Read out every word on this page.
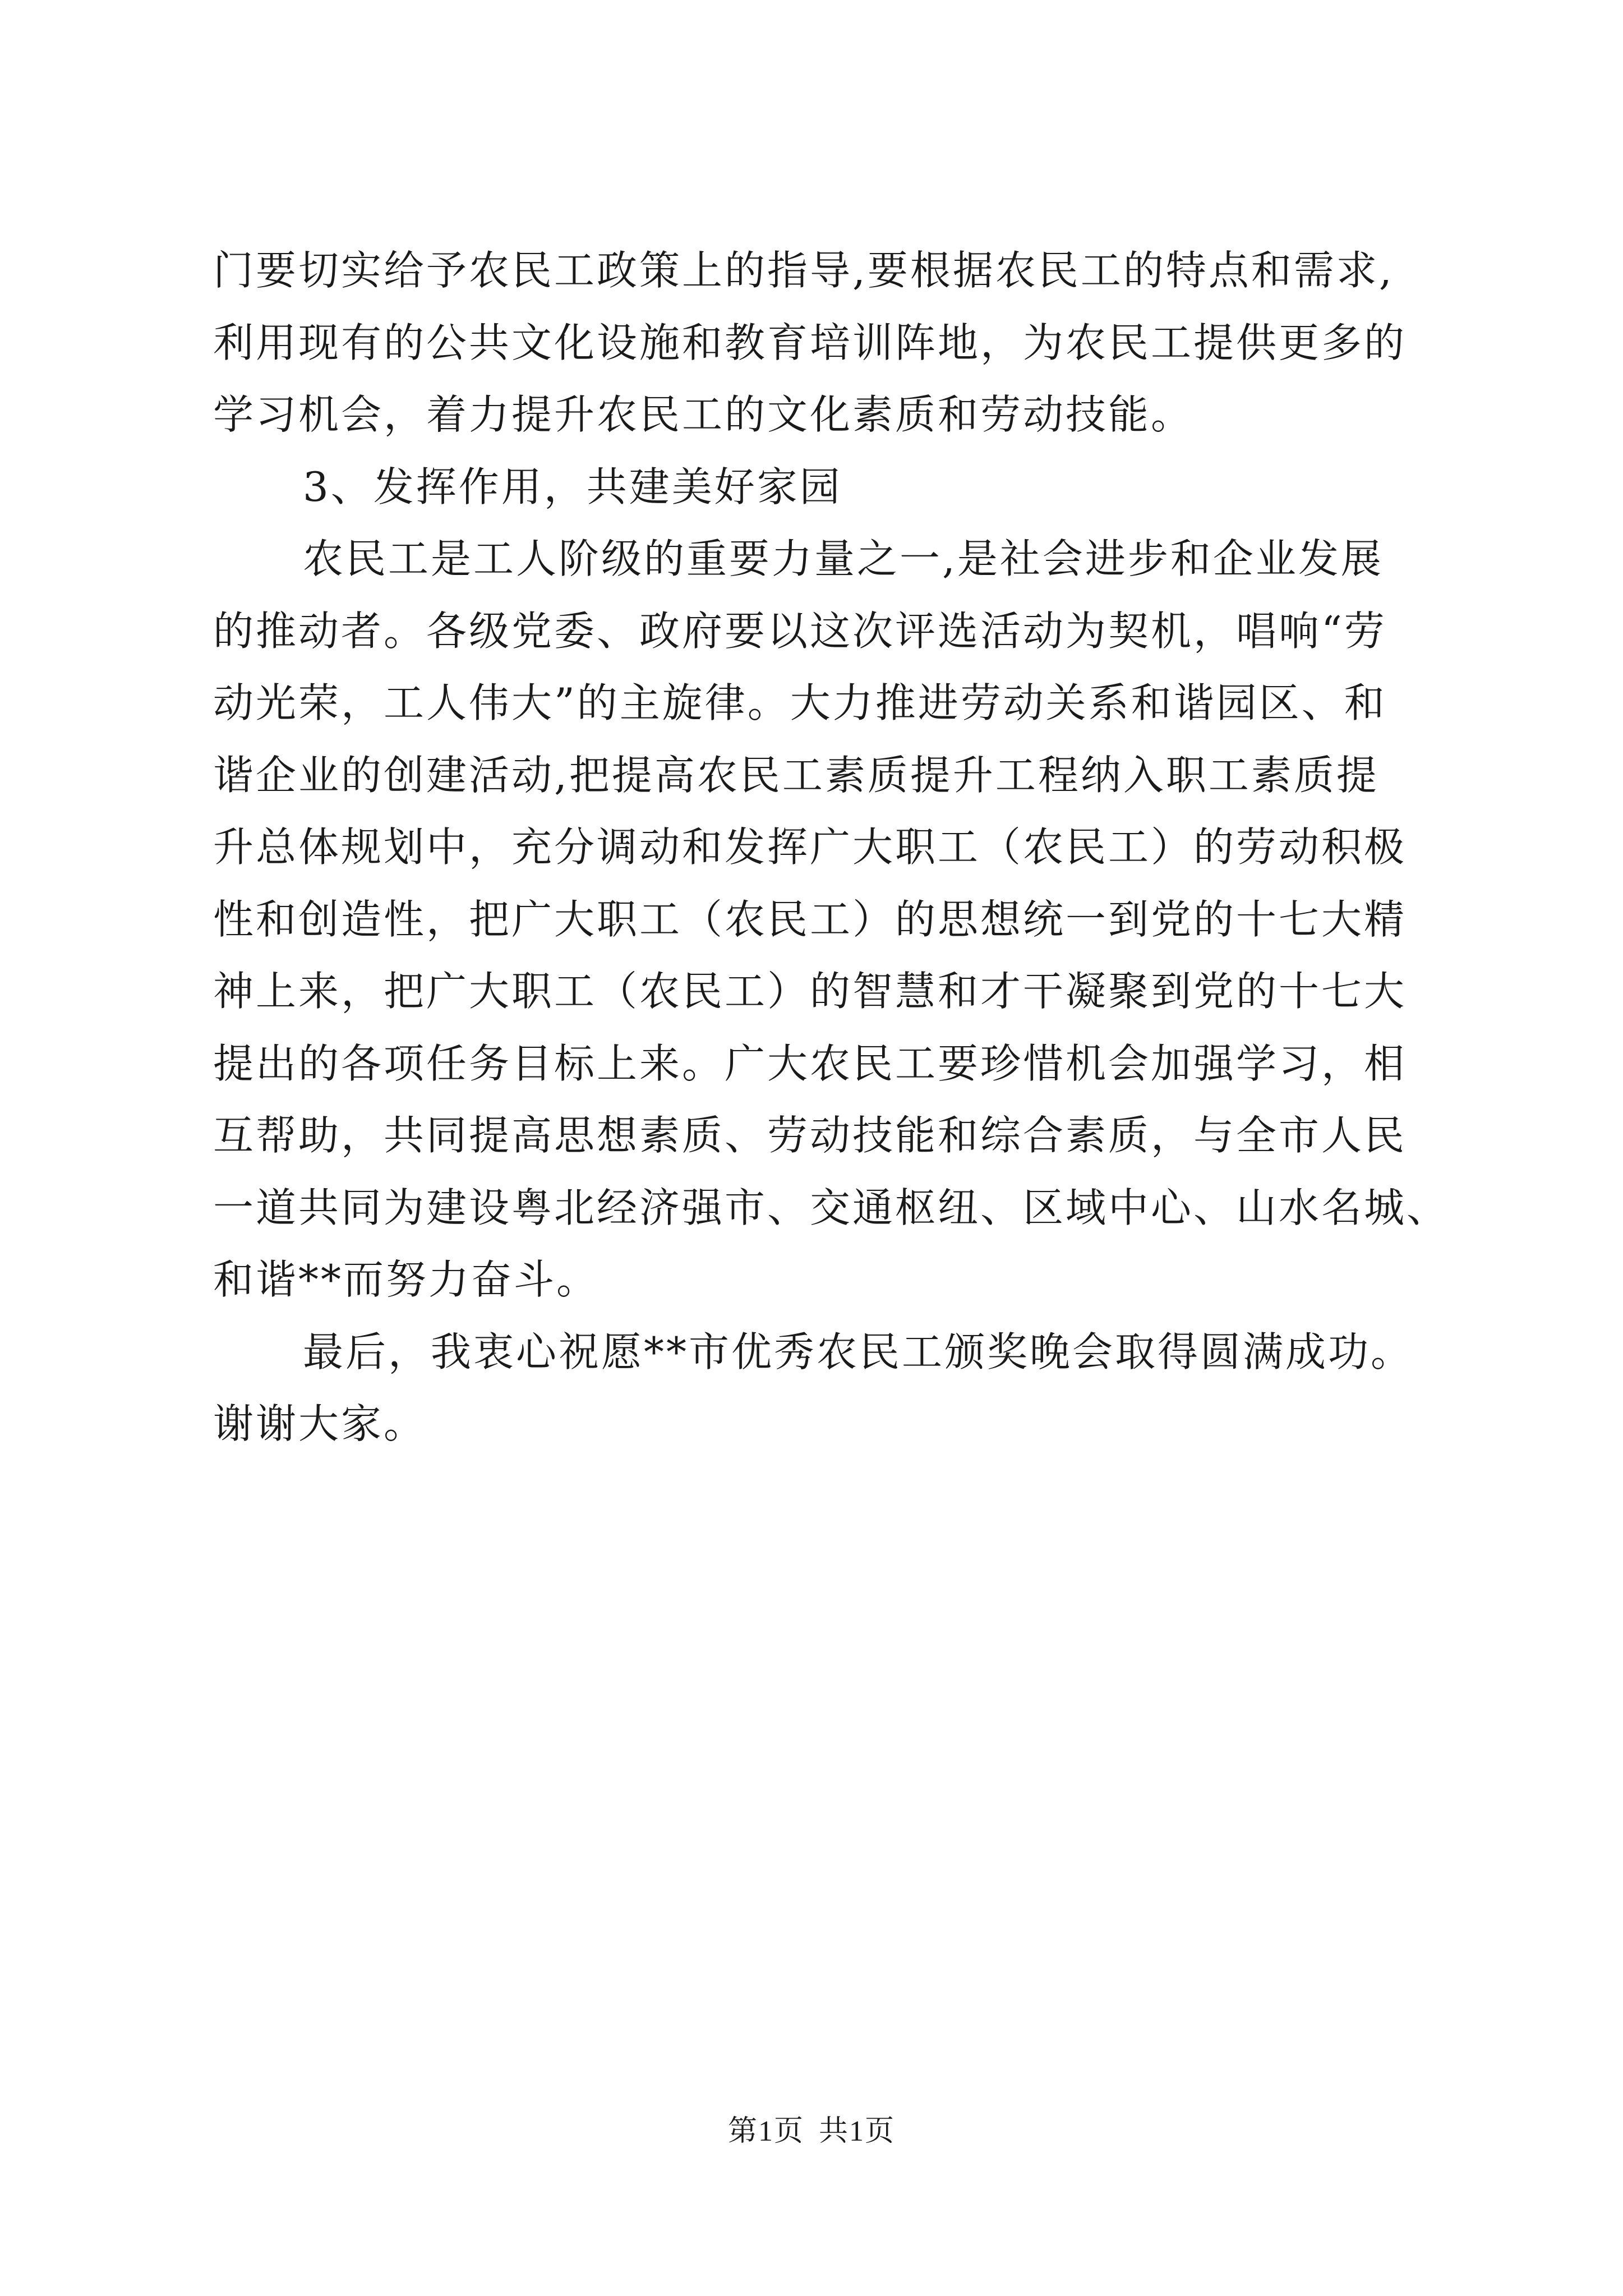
门要切实给予农民工政策上的指导,要根据农民工的特点和需求,
利用现有的公共文化设施和教育培训阵地，为农民工提供更多的
学习机会，着力提升农民工的文化素质和劳动技能。
3、发挥作用，共建美好家园
农民工是工人阶级的重要力量之一,是社会进步和企业发展
的推动者。各级党委、政府要以这次评选活动为契机，唱响“劳
动光荣，工人伟大”的主旋律。大力推进劳动关系和谐园区、和
谐企业的创建活动,把提高农民工素质提升工程纳入职工素质提
升总体规划中，充分调动和发挥广大职工（农民工）的劳动积极
性和创造性，把广大职工（农民工）的思想统一到党的十七大精
神上来，把广大职工（农民工）的智慧和才干凝聚到党的十七大
提出的各项任务目标上来。广大农民工要珍惜机会加强学习，相
互帮助，共同提高思想素质、劳动技能和综合素质，与全市人民
一道共同为建设粤北经济强市、交通枢纽、区域中心、山水名城、
和谐**而努力奋斗。
最后，我衷心祝愿**市优秀农民工颁奖晚会取得圆满成功。
谢谢大家。
第1页 共1页
